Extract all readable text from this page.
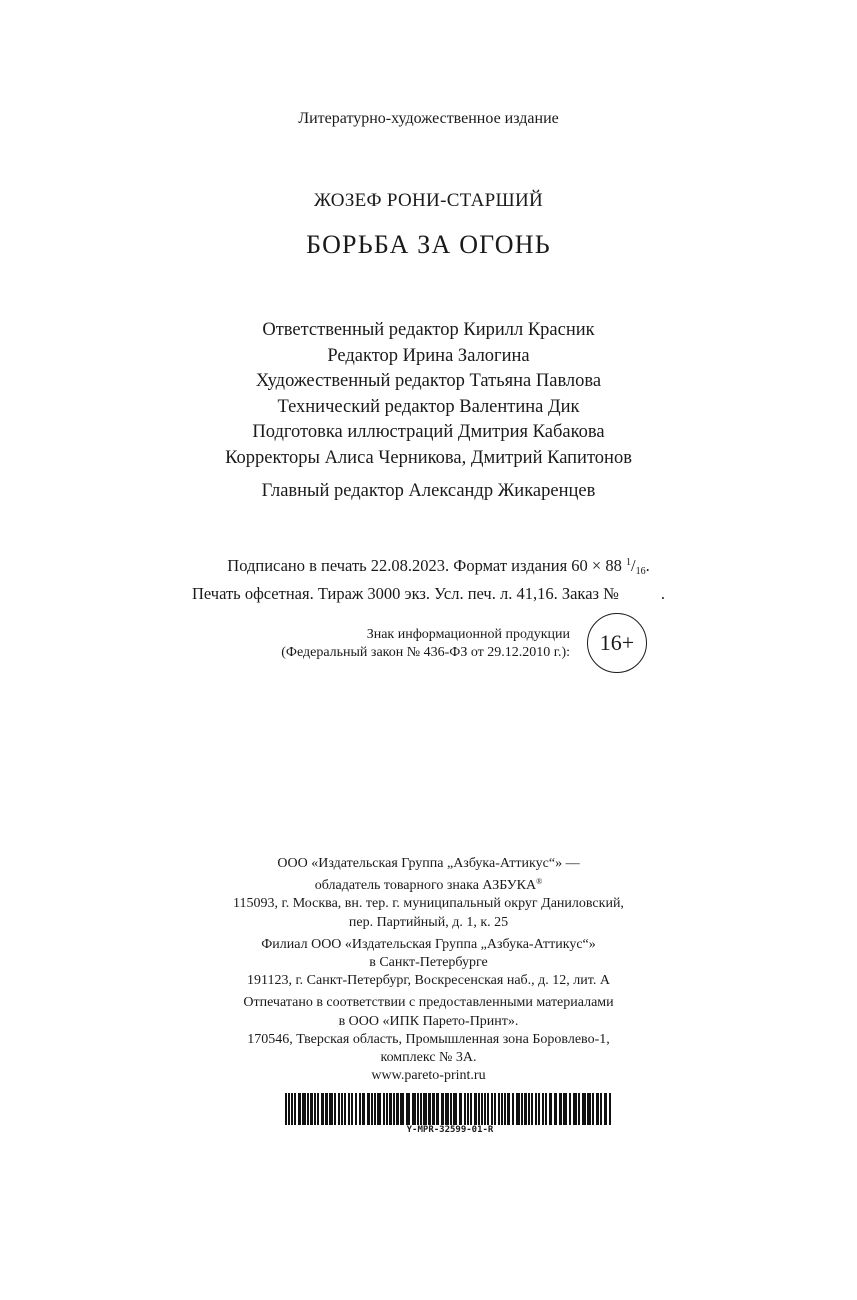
Литературно-художественное издание
ЖОЗЕФ РОНИ-СТАРШИЙ
БОРЬБА ЗА ОГОНЬ
Ответственный редактор Кирилл Красник
Редактор Ирина Залогина
Художественный редактор Татьяна Павлова
Технический редактор Валентина Дик
Подготовка иллюстраций Дмитрия Кабакова
Корректоры Алиса Черникова, Дмитрий Капитонов
Главный редактор Александр Жикаренцев
Подписано в печать 22.08.2023. Формат издания 60 × 88 $^1$/16.
Печать офсетная. Тираж 3000 экз. Усл. печ. л. 41,16. Заказ №	.
Знак информационной продукции
(Федеральный закон № 436-ФЗ от 29.12.2010 г.):	16+
ООО «Издательская Группа „Азбука-Аттикус“» —
обладатель товарного знака АЗБУКА®
115093, г. Москва, вн. тер. г. муниципальный округ Даниловский,
пер. Партийный, д. 1, к. 25
Филиал ООО «Издательская Группа „Азбука-Аттикус“»
в Санкт-Петербурге
191123, г. Санкт-Петербург, Воскресенская наб., д. 12, лит. А
Отпечатано в соответствии с предоставленными материалами
в ООО «ИПК Парето-Принт».
170546, Тверская область, Промышленная зона Боровлево-1,
комплекс № 3А.
www.pareto-print.ru
Y-MPR-32599-01-R
